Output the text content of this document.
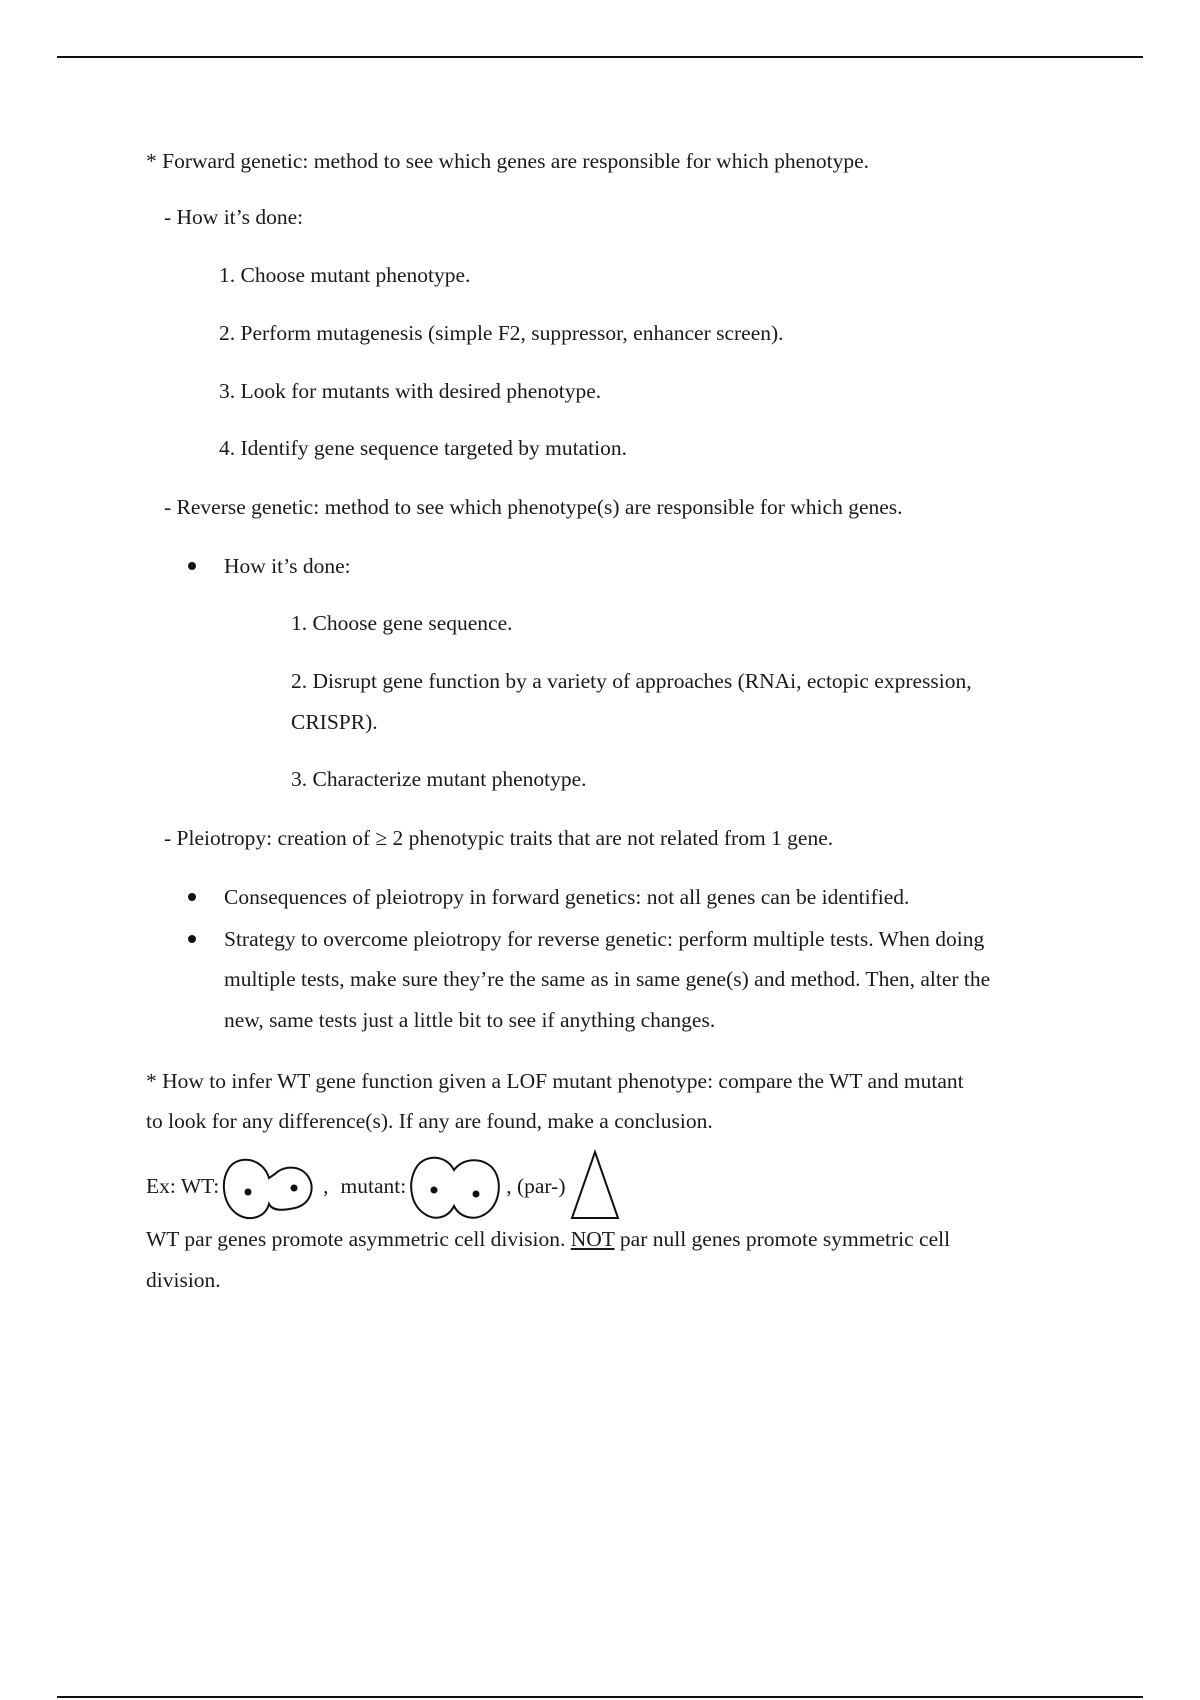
* Forward genetic: method to see which genes are responsible for which phenotype.
- How it’s done:
1. Choose mutant phenotype.
2. Perform mutagenesis (simple F2, suppressor, enhancer screen).
3. Look for mutants with desired phenotype.
4. Identify gene sequence targeted by mutation.
- Reverse genetic: method to see which phenotype(s) are responsible for which genes.
How it’s done:
1. Choose gene sequence.
2. Disrupt gene function by a variety of approaches (RNAi, ectopic expression,
CRISPR).
3. Characterize mutant phenotype.
- Pleiotropy: creation of ≥ 2 phenotypic traits that are not related from 1 gene.
Consequences of pleiotropy in forward genetics: not all genes can be identified.
Strategy to overcome pleiotropy for reverse genetic: perform multiple tests. When doing
multiple tests, make sure they’re the same as in same gene(s) and method. Then, alter the
new, same tests just a little bit to see if anything changes.
* How to infer WT gene function given a LOF mutant phenotype: compare the WT and mutant
to look for any difference(s). If any are found, make a conclusion.
Ex: WT:	, mutant:	, (par-)
WT par genes promote asymmetric cell division. NOT par null genes promote symmetric cell
division.
